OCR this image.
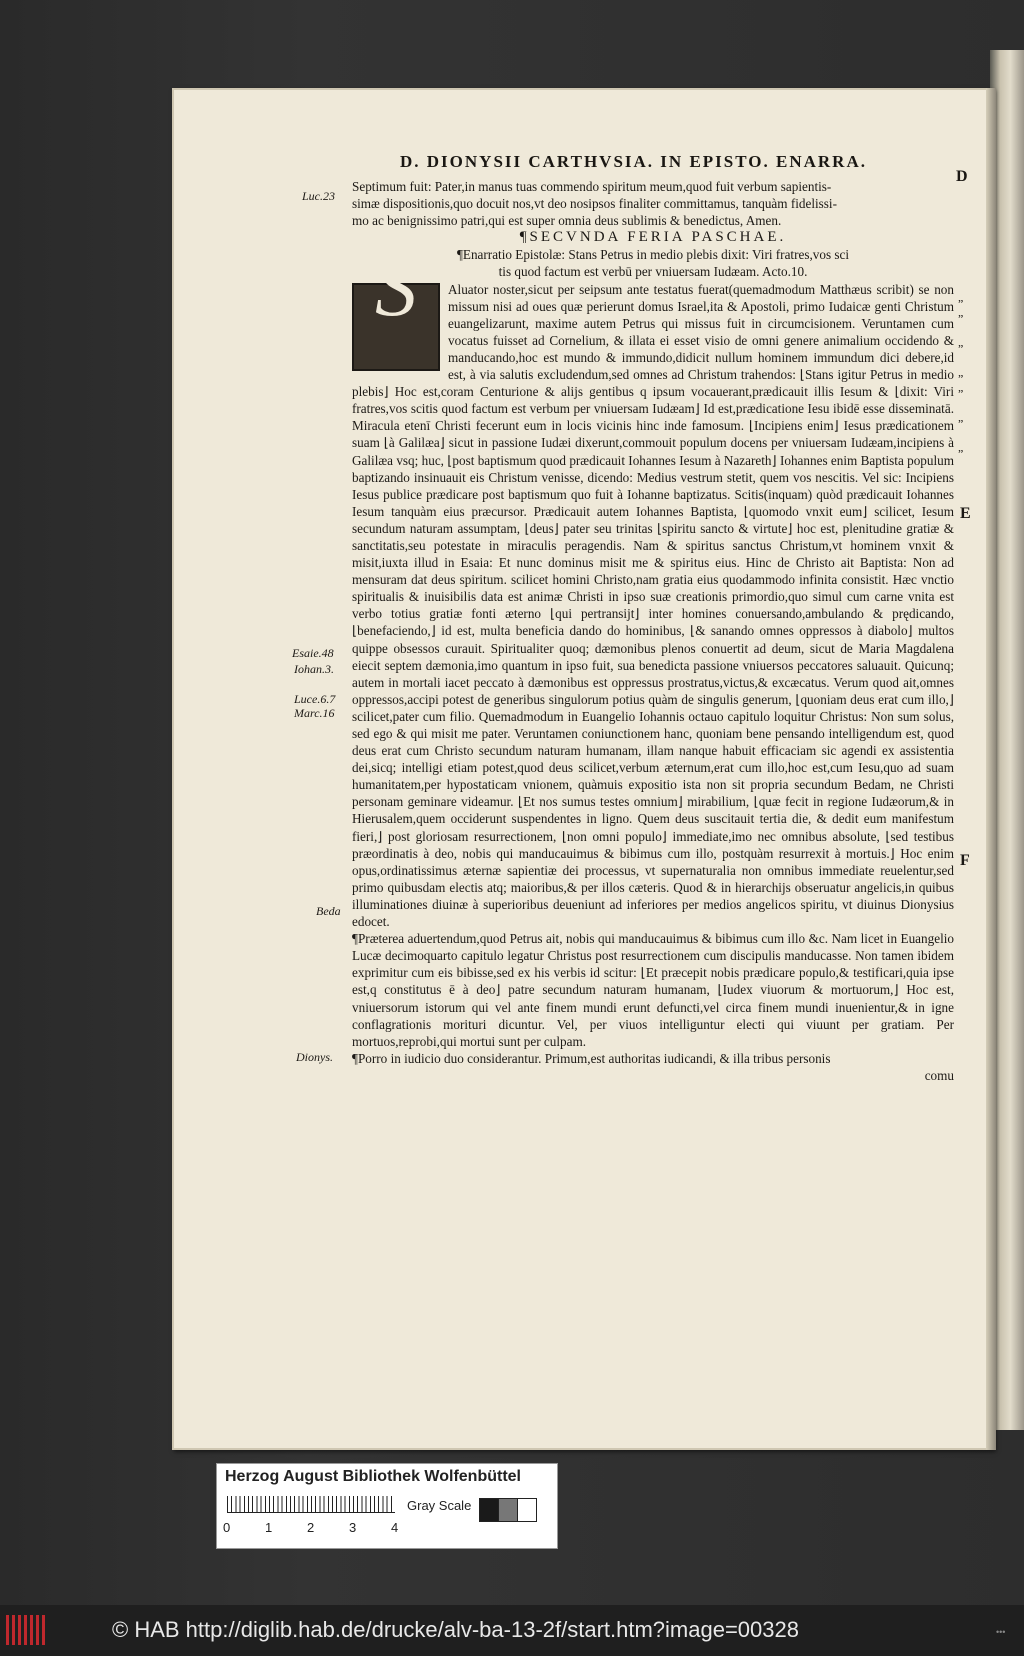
D. DIONYSII CARTHVSIA. IN EPISTO. ENARRA.
D
E
F
Luc.23
Esaie.48
Iohan.3.
Luce.6.7
Marc.16
Beda
Dionys.
„
„

„

„
„

„

„

Septimum fuit: Pater,in manus tuas commendo spiritum meum,quod fuit verbum sapientis-

simæ dispositionis,quo docuit nos,vt deo nosipsos finaliter committamus, tanquàm fidelissi-

mo ac benignissimo patri,qui est super omnia deus sublimis & benedictus, Amen.

¶SECVNDA FERIA PASCHAE.

¶Enarratio Epistolæ: Stans Petrus in medio plebis dixit: Viri fratres,vos sci

tis quod factum est verbū per vniuersam Iudæam. Acto.10.

S	Aluator noster,sicut per seipsum ante testatus fuerat(quemadmodum Matthæus scribit) se non missum nisi ad oues quæ perierunt domus Israel,ita & Apostoli, primo Iudaicæ genti Christum euangelizarunt, maxime autem Petrus qui missus fuit in circumcisionem. Veruntamen cum vocatus fuisset ad Cornelium, & illata ei esset visio de omni genere animalium occidendo & manducando,hoc est mundo & immundo,didicit nullum hominem immundum dici debere,id est, à via salutis excludendum,sed omnes ad Christum trahendos: ⌊Stans igitur Petrus in medio plebis⌋ Hoc est,coram Centurione & alijs gentibus q ipsum vocauerant,prædicauit illis Iesum & ⌊dixit: Viri fratres,vos scitis quod factum est verbum per vniuersam Iudæam⌋ Id est,prædicatione Iesu ibidē esse disseminatā. Miracula etenī Christi fecerunt eum in locis vicinis hinc inde famosum. ⌊Incipiens enim⌋ Iesus prædicationem suam ⌊à Galilæa⌋ sicut in passione Iudæi dixerunt,commouit populum docens per vniuersam Iudæam,incipiens à Galilæa vsq; huc, ⌊post baptismum quod prædicauit Iohannes Iesum à Nazareth⌋ Iohannes enim Baptista populum baptizando insinuauit eis Christum venisse, dicendo: Medius vestrum stetit, quem vos nescitis. Vel sic: Incipiens Iesus publice prædicare post baptismum quo fuit à Iohanne baptizatus. Scitis(inquam) quòd prædicauit Iohannes Iesum tanquàm eius præcursor. Prædicauit autem Iohannes Baptista, ⌊quomodo vnxit eum⌋ scilicet, Iesum secundum naturam assumptam, ⌊deus⌋ pater seu trinitas ⌊spiritu sancto & virtute⌋ hoc est, plenitudine gratiæ & sanctitatis,seu potestate in miraculis peragendis. Nam & spiritus sanctus Christum,vt hominem vnxit & misit,iuxta illud in Esaia: Et nunc dominus misit me & spiritus eius. Hinc de Christo ait Baptista: Non ad mensuram dat deus spiritum. scilicet homini Christo,nam gratia eius quodammodo infinita consistit. Hæc vnctio spiritualis & inuisibilis data est animæ Christi in ipso suæ creationis primordio,quo simul cum carne vnita est verbo totius gratiæ fonti æterno ⌊qui pertransijt⌋ inter homines conuersando,ambulando & prędicando, ⌊benefaciendo,⌋ id est, multa beneficia dando do hominibus, ⌊& sanando omnes oppressos à diabolo⌋ multos quippe obsessos curauit. Spiritualiter quoq; dæmonibus plenos conuertit ad deum, sicut de Maria Magdalena eiecit septem dæmonia,imo quantum in ipso fuit, sua benedicta passione vniuersos peccatores saluauit. Quicunq; autem in mortali iacet peccato à dæmonibus est oppressus prostratus,victus,& excæcatus. Verum quod ait,omnes oppressos,accipi potest de generibus singulorum potius quàm de singulis generum, ⌊quoniam deus erat cum illo,⌋ scilicet,pater cum filio. Quemadmodum in Euangelio Iohannis octauo capitulo loquitur Christus: Non sum solus, sed ego & qui misit me pater. Veruntamen coniunctionem hanc, quoniam bene pensando intelligendum est, quod deus erat cum Christo secundum naturam humanam, illam nanque habuit efficaciam sic agendi ex assistentia dei,sicq; intelligi etiam potest,quod deus scilicet,verbum æternum,erat cum illo,hoc est,cum Iesu,quo ad suam humanitatem,per hypostaticam vnionem, quàmuis expositio ista non sit propria secundum Bedam, ne Christi personam geminare videamur. ⌊Et nos sumus testes omnium⌋ mirabilium, ⌊quæ fecit in regione Iudæorum,& in Hierusalem,quem occiderunt suspendentes in ligno. Quem deus suscitauit tertia die, & dedit eum manifestum fieri,⌋ post gloriosam resurrectionem, ⌊non omni populo⌋ immediate,imo nec omnibus absolute, ⌊sed testibus præordinatis à deo, nobis qui manducauimus & bibimus cum illo, postquàm resurrexit à mortuis.⌋ Hoc enim opus,ordinatissimus æternæ sapientiæ dei processus, vt supernaturalia non omnibus immediate reuelentur,sed primo quibusdam electis atq; maioribus,& per illos cæteris. Quod & in hierarchijs obseruatur angelicis,in quibus illuminationes diuinæ à superioribus deueniunt ad inferiores per medios angelicos spiritu, vt diuinus Dionysius edocet.

¶Præterea aduertendum,quod Petrus ait, nobis qui manducauimus & bibimus cum illo &c. Nam licet in Euangelio Lucæ decimoquarto capitulo legatur Christus post resurrectionem cum discipulis manducasse. Non tamen ibidem exprimitur cum eis bibisse,sed ex his verbis id scitur: ⌊Et præcepit nobis prædicare populo,& testificari,quia ipse est,q constitutus ē à deo⌋ patre secundum naturam humanam, ⌊Iudex viuorum & mortuorum,⌋ Hoc est, vniuersorum istorum qui vel ante finem mundi erunt defuncti,vel circa finem mundi inuenientur,& in igne conflagrationis morituri dicuntur. Vel, per viuos intelliguntur electi qui viuunt per gratiam. Per mortuos,reprobi,qui mortui sunt per culpam.

¶Porro in iudicio duo considerantur. Primum,est authoritas iudicandi, & illa tribus personis

comu

Herzog August Bibliothek Wolfenbüttel
0	1	2	3	4
Gray Scale
© HAB http://diglib.hab.de/drucke/alv-ba-13-2f/start.htm?image=00328	•••
